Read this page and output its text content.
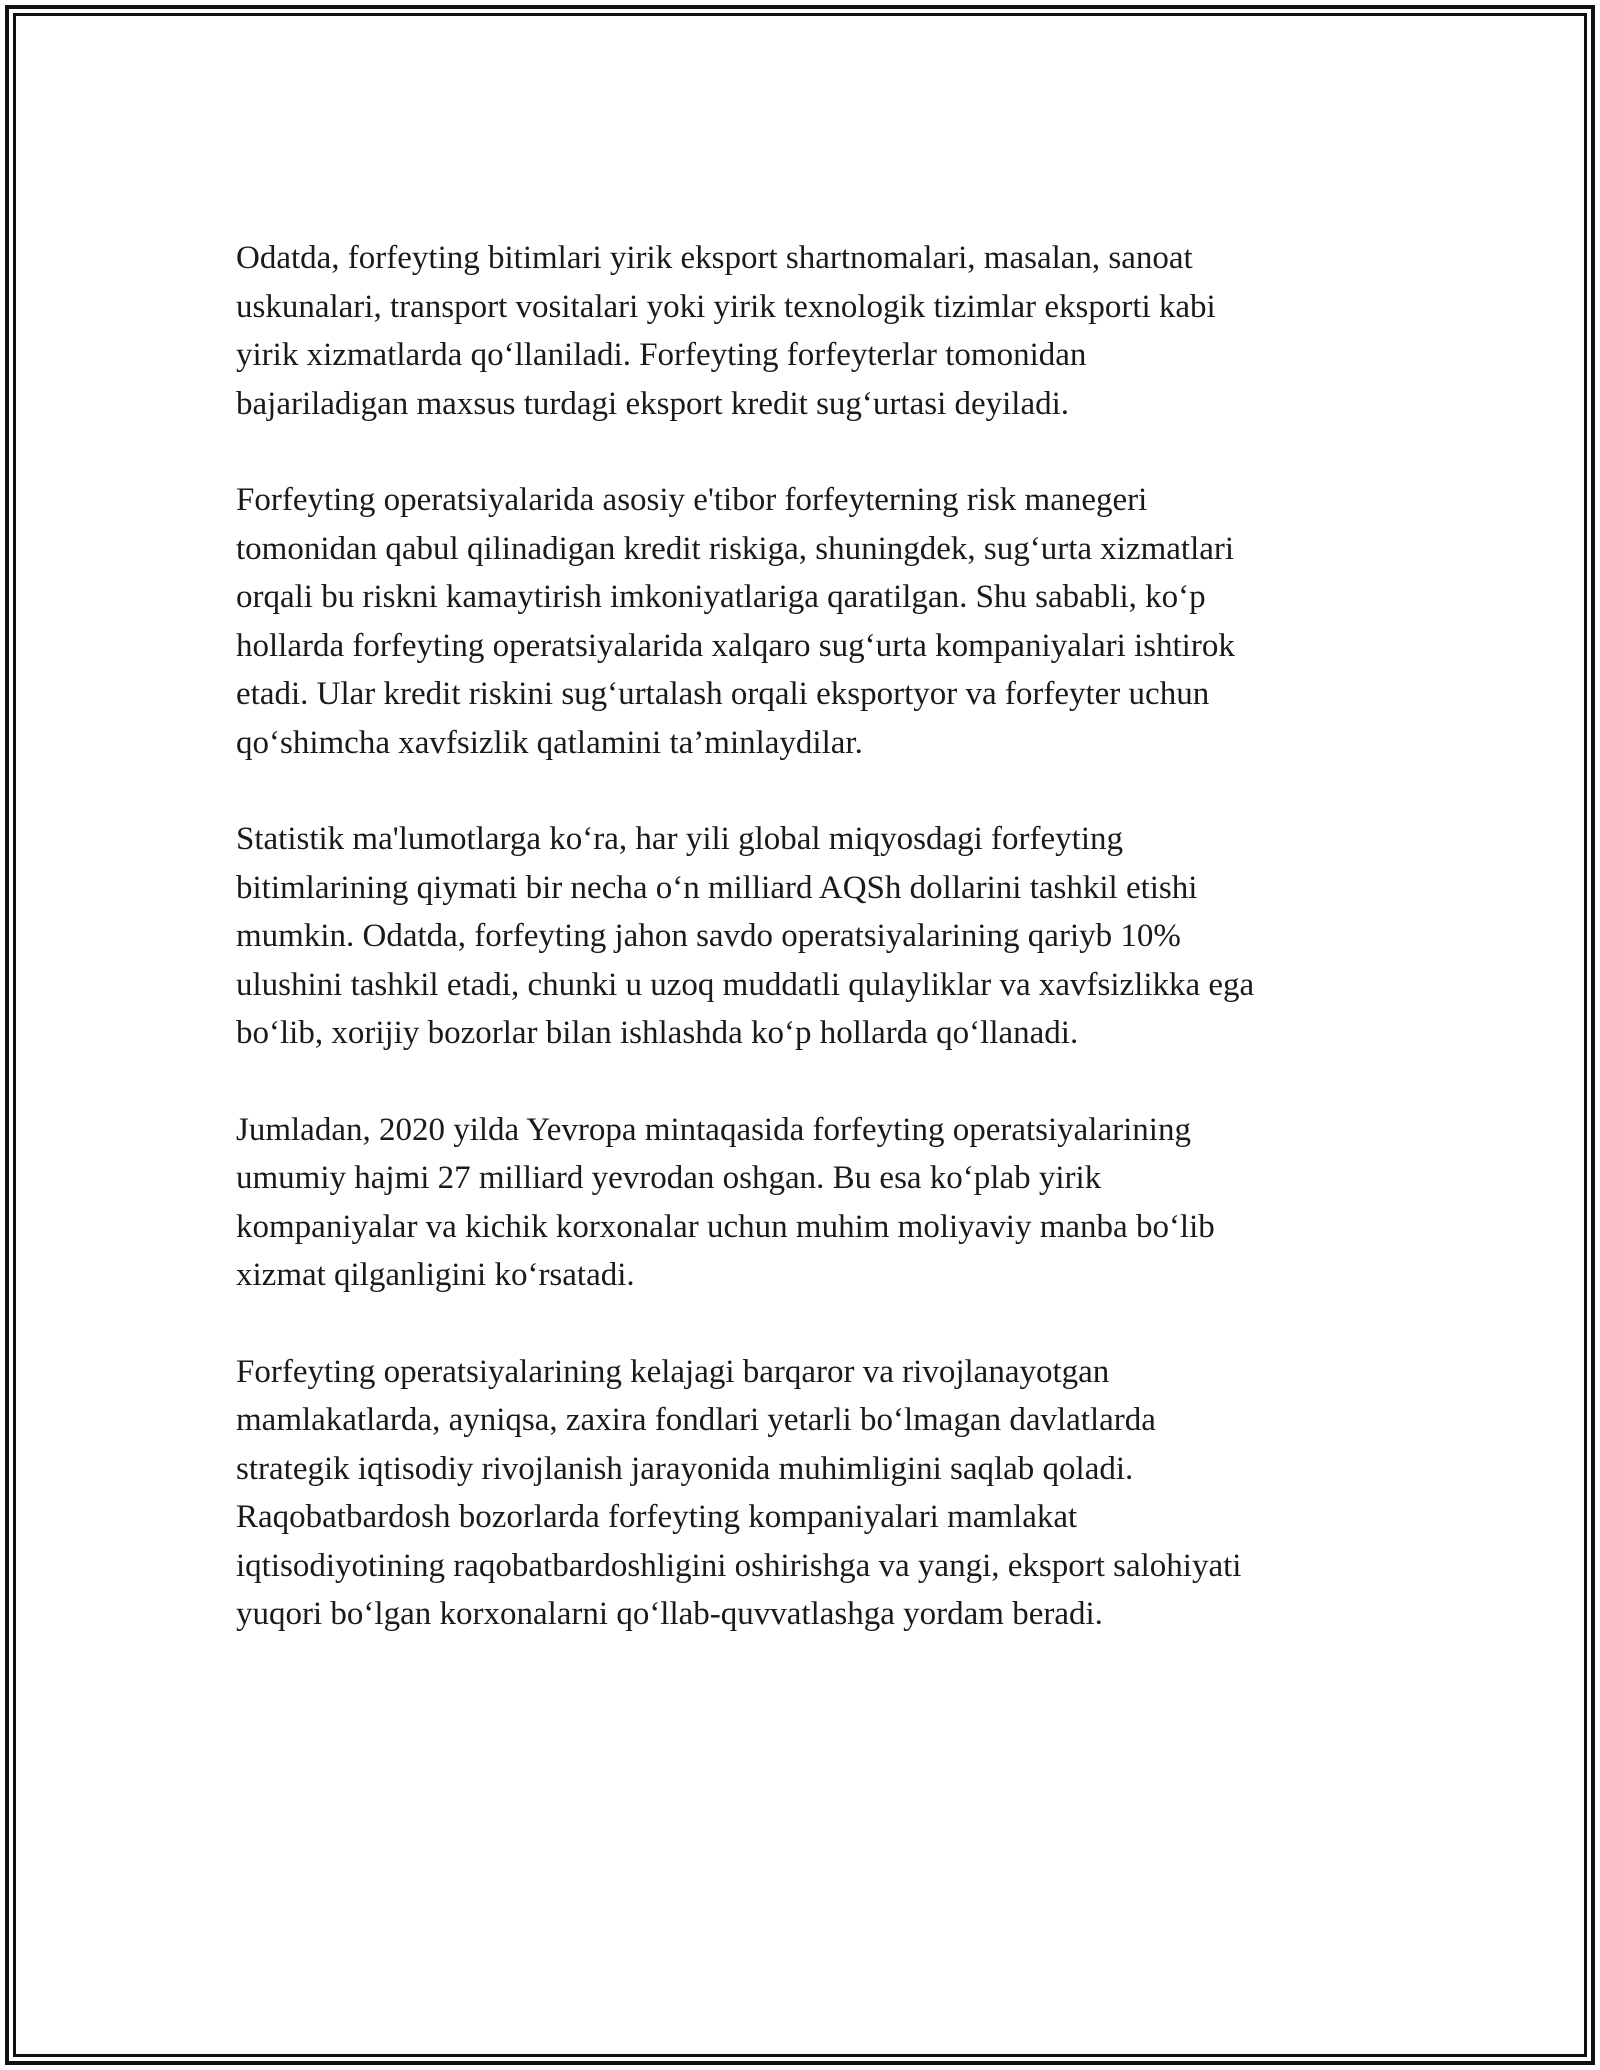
Odatda, forfeyting bitimlari yirik eksport shartnomalari, masalan, sanoat
uskunalari, transport vositalari yoki yirik texnologik tizimlar eksporti kabi
yirik xizmatlarda qoʻllaniladi. Forfeyting forfeyterlar tomonidan
bajariladigan maxsus turdagi eksport kredit sugʻurtasi deyiladi.

Forfeyting operatsiyalarida asosiy e'tibor forfeyterning risk manegeri
tomonidan qabul qilinadigan kredit riskiga, shuningdek, sugʻurta xizmatlari
orqali bu riskni kamaytirish imkoniyatlariga qaratilgan. Shu sababli, koʻp
hollarda forfeyting operatsiyalarida xalqaro sugʻurta kompaniyalari ishtirok
etadi. Ular kredit riskini sugʻurtalash orqali eksportyor va forfeyter uchun
qoʻshimcha xavfsizlik qatlamini ta’minlaydilar.

Statistik ma'lumotlarga koʻra, har yili global miqyosdagi forfeyting
bitimlarining qiymati bir necha oʻn milliard AQSh dollarini tashkil etishi
mumkin. Odatda, forfeyting jahon savdo operatsiyalarining qariyb 10%
ulushini tashkil etadi, chunki u uzoq muddatli qulayliklar va xavfsizlikka ega
boʻlib, xorijiy bozorlar bilan ishlashda koʻp hollarda qoʻllanadi.

Jumladan, 2020 yilda Yevropa mintaqasida forfeyting operatsiyalarining
umumiy hajmi 27 milliard yevrodan oshgan. Bu esa koʻplab yirik
kompaniyalar va kichik korxonalar uchun muhim moliyaviy manba boʻlib
xizmat qilganligini koʻrsatadi.

Forfeyting operatsiyalarining kelajagi barqaror va rivojlanayotgan
mamlakatlarda, ayniqsa, zaxira fondlari yetarli boʻlmagan davlatlarda
strategik iqtisodiy rivojlanish jarayonida muhimligini saqlab qoladi.
Raqobatbardosh bozorlarda forfeyting kompaniyalari mamlakat
iqtisodiyotining raqobatbardoshligini oshirishga va yangi, eksport salohiyati
yuqori boʻlgan korxonalarni qoʻllab-quvvatlashga yordam beradi.
